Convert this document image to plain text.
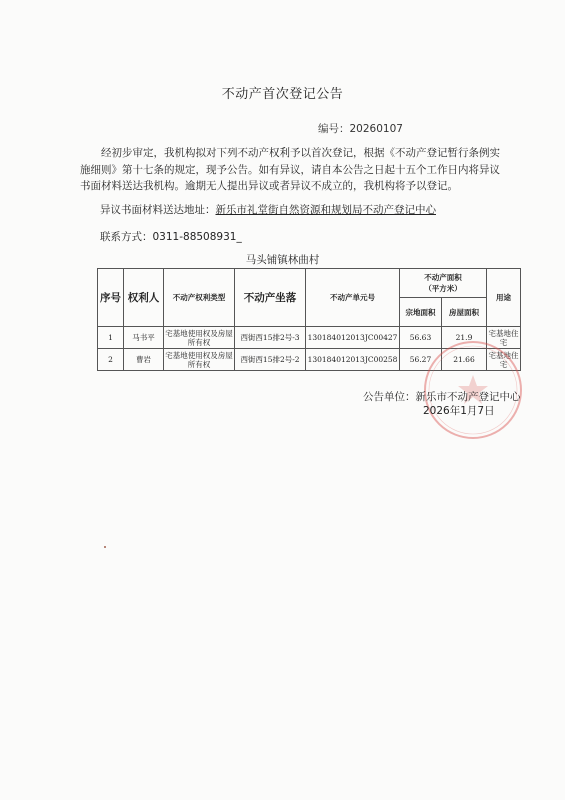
不动产首次登记公告
编号：20260107
经初步审定，我机构拟对下列不动产权利予以首次登记，根据《不动产登记暂行条例实施细则》第十七条的规定，现予公告。如有异议，请自本公告之日起十五个工作日内将异议书面材料送达我机构。逾期无人提出异议或者异议不成立的，我机构将予以登记。
异议书面材料送达地址：新乐市礼堂街自然资源和规划局不动产登记中心
联系方式：0311-88508931_
马头铺镇林曲村
序号	权利人	不动产权利类型	不动产坐落	不动产单元号	不动产面积
（平方米）		用途
					宗地面积	房屋面积	
1	马书平	宅基地使用权及房屋所有权	西街西15排2号-3	130184012013JC00427	56.63	21.9	宅基地住宅
2	曹岩	宅基地使用权及房屋所有权	西街西15排2号-2	130184012013JC00258	56.27	21.66	宅基地住宅
公告单位：新乐市不动产登记中心
2026年1月7日
